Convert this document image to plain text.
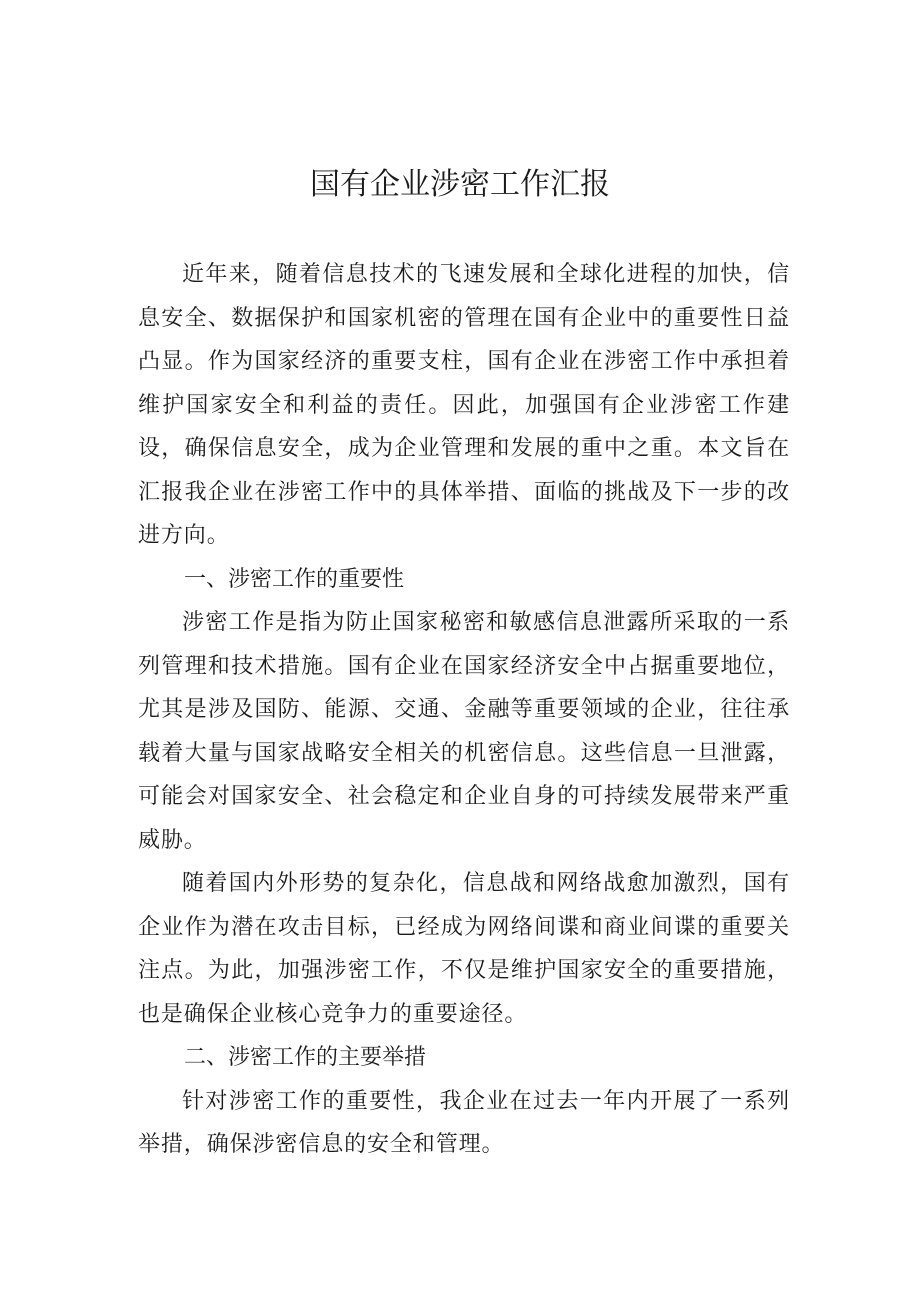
国有企业涉密工作汇报

近年来，随着信息技术的飞速发展和全球化进程的加快，信息安全、数据保护和国家机密的管理在国有企业中的重要性日益凸显。作为国家经济的重要支柱，国有企业在涉密工作中承担着维护国家安全和利益的责任。因此，加强国有企业涉密工作建设，确保信息安全，成为企业管理和发展的重中之重。本文旨在汇报我企业在涉密工作中的具体举措、面临的挑战及下一步的改进方向。

一、涉密工作的重要性

涉密工作是指为防止国家秘密和敏感信息泄露所采取的一系列管理和技术措施。国有企业在国家经济安全中占据重要地位，尤其是涉及国防、能源、交通、金融等重要领域的企业，往往承载着大量与国家战略安全相关的机密信息。这些信息一旦泄露，可能会对国家安全、社会稳定和企业自身的可持续发展带来严重威胁。

随着国内外形势的复杂化，信息战和网络战愈加激烈，国有企业作为潜在攻击目标，已经成为网络间谍和商业间谍的重要关注点。为此，加强涉密工作，不仅是维护国家安全的重要措施，也是确保企业核心竞争力的重要途径。

二、涉密工作的主要举措

针对涉密工作的重要性，我企业在过去一年内开展了一系列举措，确保涉密信息的安全和管理。
